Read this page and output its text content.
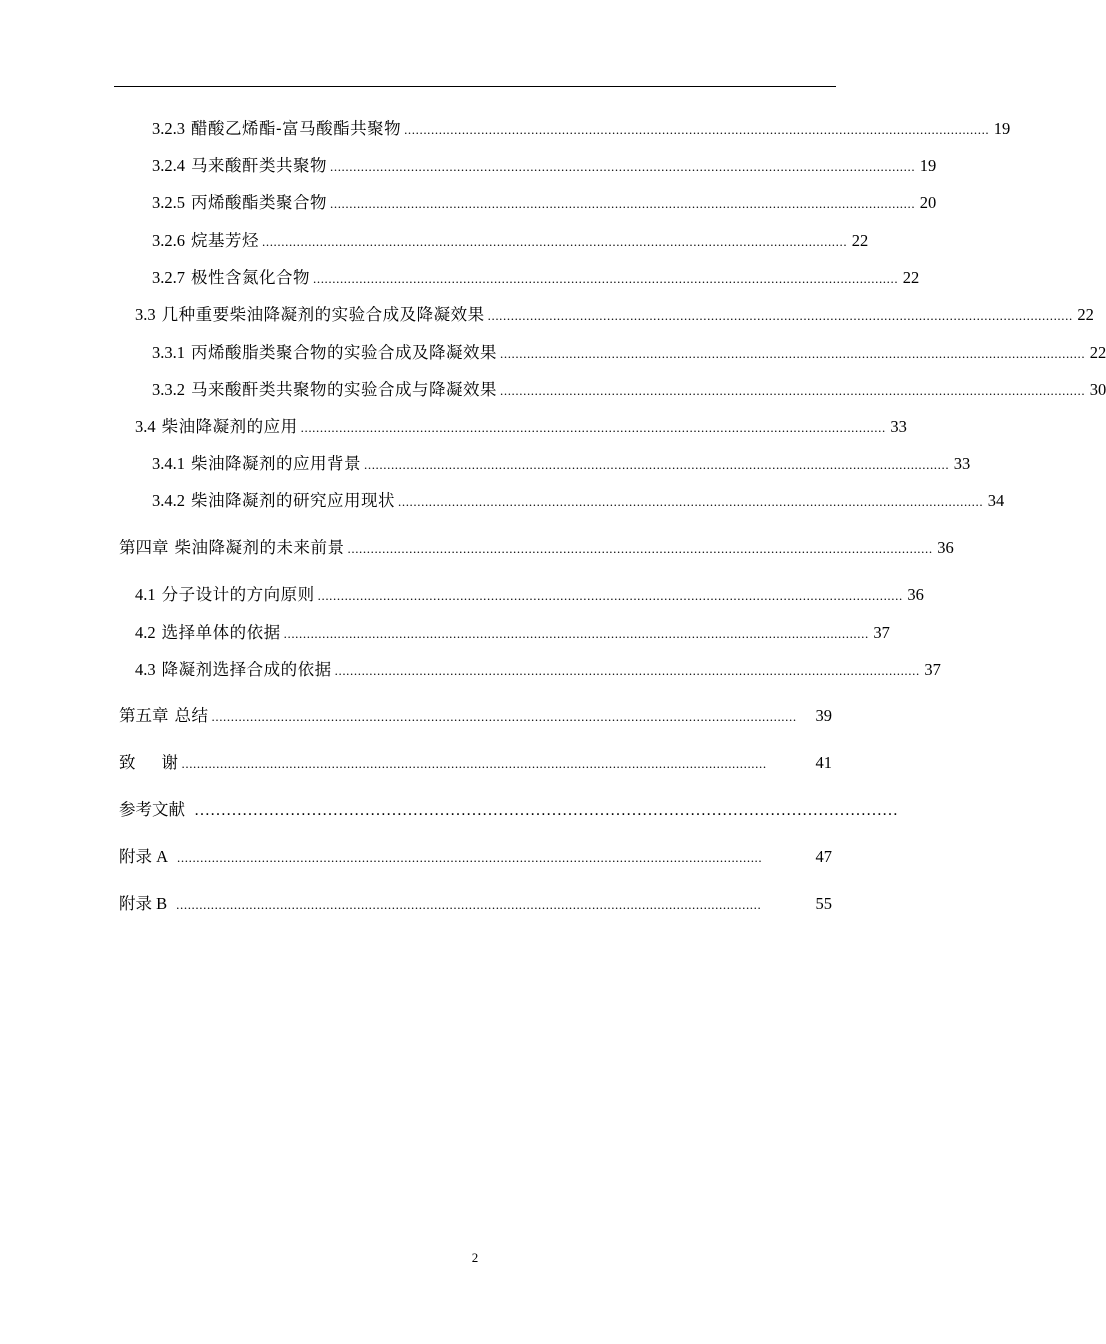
3.2.3 醋酸乙烯酯-富马酸酯共聚物 ........................................................................................................................................................ 19
3.2.4 马来酸酐类共聚物 ........................................................................................................................................................ 19
3.2.5 丙烯酸酯类聚合物 ........................................................................................................................................................ 20
3.2.6 烷基芳烃 ........................................................................................................................................................ 22
3.2.7 极性含氮化合物 ........................................................................................................................................................ 22
3.3 几种重要柴油降凝剂的实验合成及降凝效果 ........................................................................................................................................................ 22
3.3.1 丙烯酸脂类聚合物的实验合成及降凝效果 ........................................................................................................................................................ 22
3.3.2 马来酸酐类共聚物的实验合成与降凝效果 ........................................................................................................................................................ 30
3.4 柴油降凝剂的应用 ........................................................................................................................................................ 33
3.4.1 柴油降凝剂的应用背景 ........................................................................................................................................................ 33
3.4.2 柴油降凝剂的研究应用现状 ........................................................................................................................................................ 34
第四章 柴油降凝剂的未来前景 ........................................................................................................................................................ 36
4.1 分子设计的方向原则 ........................................................................................................................................................ 36
4.2 选择单体的依据 ........................................................................................................................................................ 37
4.3 降凝剂选择合成的依据 ........................................................................................................................................................ 37
第五章 总结 ........................................................................................................................................................	39
致 谢 ........................................................................................................................................................	41
参考文献 ……………………………………………………………………………………………………………………
附录 A ........................................................................................................................................................	47
附录 B ........................................................................................................................................................	55
2
